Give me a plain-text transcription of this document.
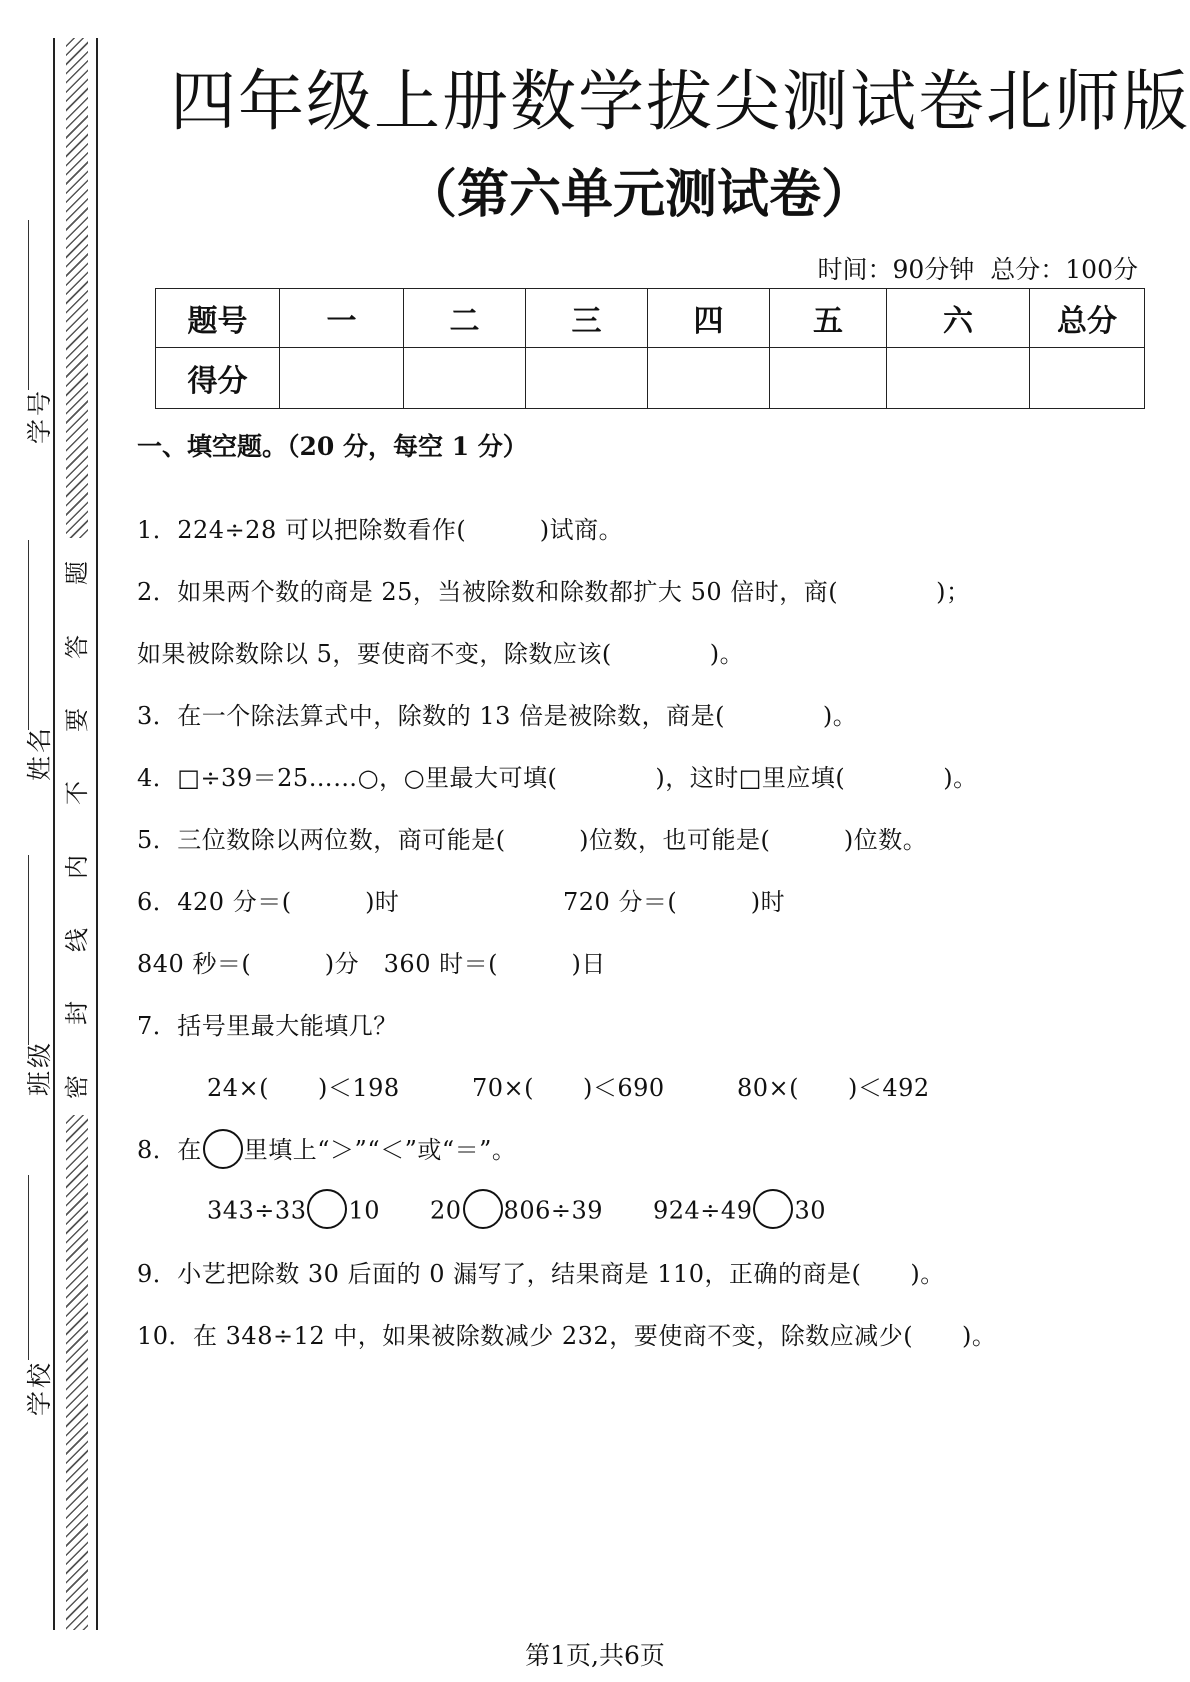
学号
姓名
班级
学校
题
答
要
不
内
线
封
密
四年级上册数学拔尖测试卷北师版
（第六单元测试卷）
时间：90分钟 总分：100分
题号	一	二	三	四	五	六	总分
得分							
一、填空题。（20 分，每空 1 分）
1．224÷28 可以把除数看作(　　　)试商。
2．如果两个数的商是 25，当被除数和除数都扩大 50 倍时，商(　　　　)；
如果被除数除以 5，要使商不变，除数应该(　　　　)。
3．在一个除法算式中，除数的 13 倍是被除数，商是(　　　　)。
4．□÷39＝25……○，○里最大可填(　　　　)，这时□里应填(　　　　)。
5．三位数除以两位数，商可能是(　　　)位数，也可能是(　　　)位数。
6．420 分＝(　　　)时	720 分＝(　　　)时
840 秒＝(　　　)分　360 时＝(　　　)日
7．括号里最大能填几？
24×(　　)＜198	70×(　　)＜690	80×(　　)＜492
8．在 里填上“＞”“＜”或“＝”。
343÷33 10 20 806÷39 924÷49 30
9．小艺把除数 30 后面的 0 漏写了，结果商是 110，正确的商是(　　)。
10．在 348÷12 中，如果被除数减少 232，要使商不变，除数应减少(　　)。
第1页,共6页
